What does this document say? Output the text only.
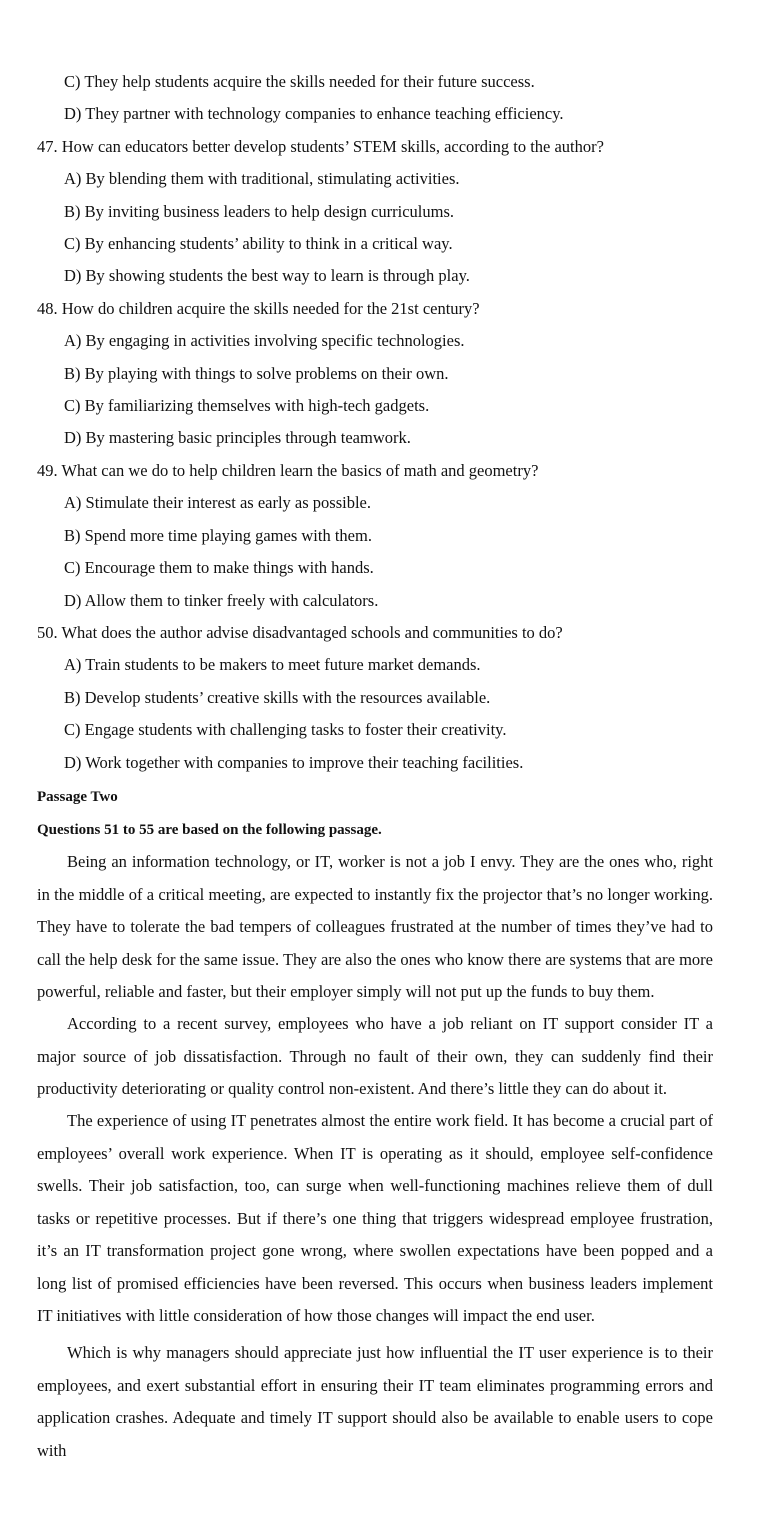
C) They help students acquire the skills needed for their future success.
D) They partner with technology companies to enhance teaching efficiency.
47. How can educators better develop students’ STEM skills, according to the author?
A) By blending them with traditional, stimulating activities.
B) By inviting business leaders to help design curriculums.
C) By enhancing students’ ability to think in a critical way.
D) By showing students the best way to learn is through play.
48. How do children acquire the skills needed for the 21st century?
A) By engaging in activities involving specific technologies.
B) By playing with things to solve problems on their own.
C) By familiarizing themselves with high-tech gadgets.
D) By mastering basic principles through teamwork.
49. What can we do to help children learn the basics of math and geometry?
A) Stimulate their interest as early as possible.
B) Spend more time playing games with them.
C) Encourage them to make things with hands.
D) Allow them to tinker freely with calculators.
50. What does the author advise disadvantaged schools and communities to do?
A) Train students to be makers to meet future market demands.
B) Develop students’ creative skills with the resources available.
C) Engage students with challenging tasks to foster their creativity.
D) Work together with companies to improve their teaching facilities.
Passage Two
Questions 51 to 55 are based on the following passage.
Being an information technology, or IT, worker is not a job I envy. They are the ones who, right in the middle of a critical meeting, are expected to instantly fix the projector that’s no longer working. They have to tolerate the bad tempers of colleagues frustrated at the number of times they’ve had to call the help desk for the same issue. They are also the ones who know there are systems that are more powerful, reliable and faster, but their employer simply will not put up the funds to buy them.
According to a recent survey, employees who have a job reliant on IT support consider IT a major source of job dissatisfaction. Through no fault of their own, they can suddenly find their productivity deteriorating or quality control non-existent. And there’s little they can do about it.
The experience of using IT penetrates almost the entire work field. It has become a crucial part of employees’ overall work experience. When IT is operating as it should, employee self-confidence swells. Their job satisfaction, too, can surge when well-functioning machines relieve them of dull tasks or repetitive processes. But if there’s one thing that triggers widespread employee frustration, it’s an IT transformation project gone wrong, where swollen expectations have been popped and a long list of promised efficiencies have been reversed. This occurs when business leaders implement IT initiatives with little consideration of how those changes will impact the end user.
Which is why managers should appreciate just how influential the IT user experience is to their employees, and exert substantial effort in ensuring their IT team eliminates programming errors and application crashes. Adequate and timely IT support should also be available to enable users to cope with
